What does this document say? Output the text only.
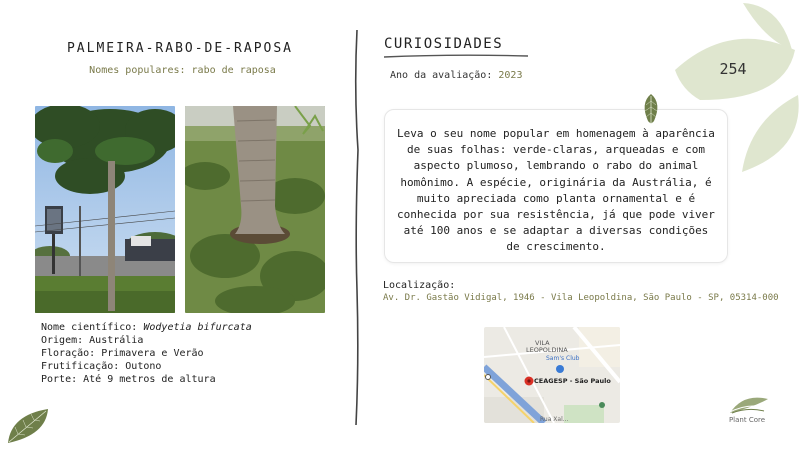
PALMEIRA-RABO-DE-RAPOSA
Nomes populares: rabo de raposa
Nome científico: Wodyetia bifurcata
Origem: Austrália
Floração: Primavera e Verão
Frutificação: Outono
Porte: Até 9 metros de altura
CURIOSIDADES
Ano da avaliação: 2023
Leva o seu nome popular em homenagem à aparência de suas folhas: verde-claras, arqueadas e com aspecto plumoso, lembrando o rabo do animal homônimo. A espécie, originária da Austrália, é muito apreciada como planta ornamental e é conhecida por sua resistência, já que pode viver até 100 anos e se adaptar a diversas condições de crescimento.
Localização:
Av. Dr. Gastão Vidigal, 1946 - Vila Leopoldina, São Paulo - SP, 05314-000
VILA LEOPOLDINA
Sam's Club
CEAGESP - São Paulo
Rua Xal...
254
Plant Core
